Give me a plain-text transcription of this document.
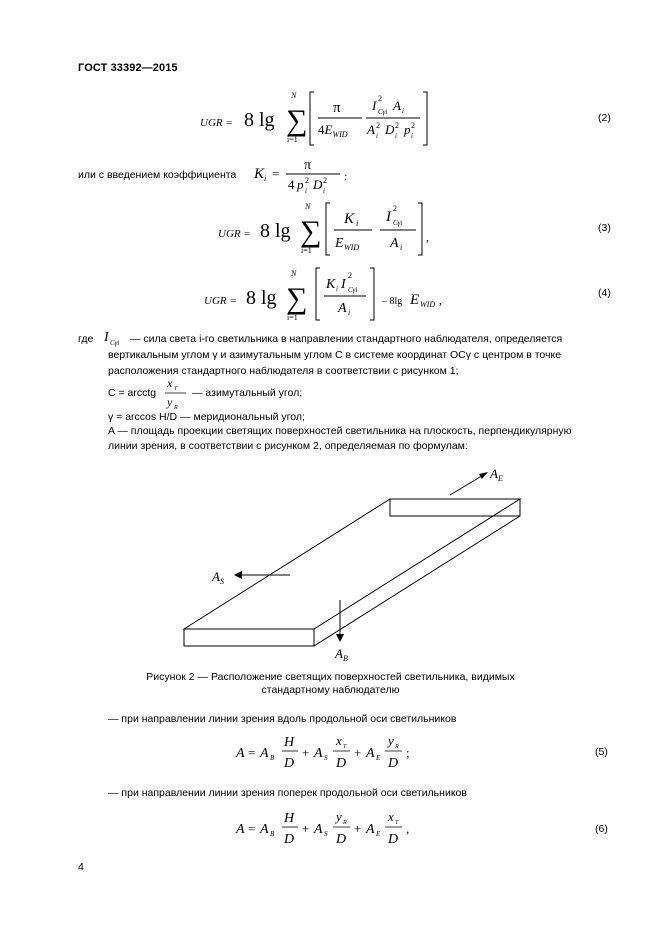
ГОСТ 33392—2015
UGR = 8 lg ∑
N
i=1
π
$4E_{WID}$
I 2
Cγi A i
A 2
i D 2
i p 2
i
(2)
или с введением коэффициента K i =
π
4 p 2
i D 2
i
:
UGR = 8 lg ∑
N
i=1
K i
E WID
I
2
Cγi
A i
,
(3)
UGR = 8 lg ∑
N
i=1
K i I
2
Cγi
A i
– 8lg E WID ,	(4)
где I Cγi — сила света i-го светильника в направлении стандартного наблюдателя, определяется
вертикальным углом γ и азимутальным углом C в системе координат OCγ с центром в точке
расположения стандартного наблюдателя в соответствии с рисунком 1;
C = arcctg
x T
y R
— азимутальный угол;
γ = arccos H/D — меридиональный угол;
A — площадь проекции светящих поверхностей светильника на плоскость, перпендикулярную
линии зрения, в соответствии с рисунком 2, определяемая по формулам:
$A_E$
$A_S$
$A_B$
Рисунок 2 — Расположение светящих поверхностей светильника, видимых
стандартному наблюдателю
— при направлении линии зрения вдоль продольной оси светильников
A = A B
H
D
+ A S
x T
D
+ A E
y R
D
;	(5)
— при направлении линии зрения поперек продольной оси светильников
A = A B
H
D
+ A S
y R
D
+ A E
x T
D
,	(6)
4
